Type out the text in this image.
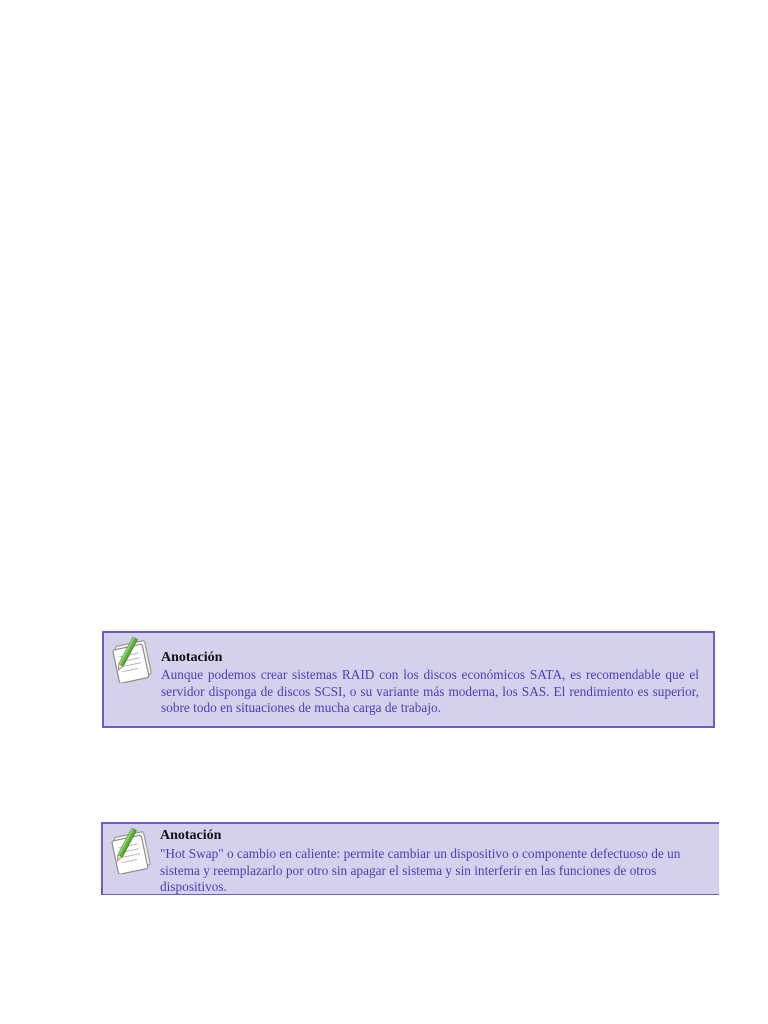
Anotación
Aunque podemos crear sistemas RAID con los discos económicos SATA, es recomendable que el servidor disponga de discos SCSI, o su variante más moderna, los SAS. El rendimiento es superior, sobre todo en situaciones de mucha carga de trabajo.
Anotación
"Hot Swap" o cambio en caliente: permite cambiar un dispositivo o componente defectuoso de un sistema y reemplazarlo por otro sin apagar el sistema y sin interferir en las funciones de otros dispositivos.
